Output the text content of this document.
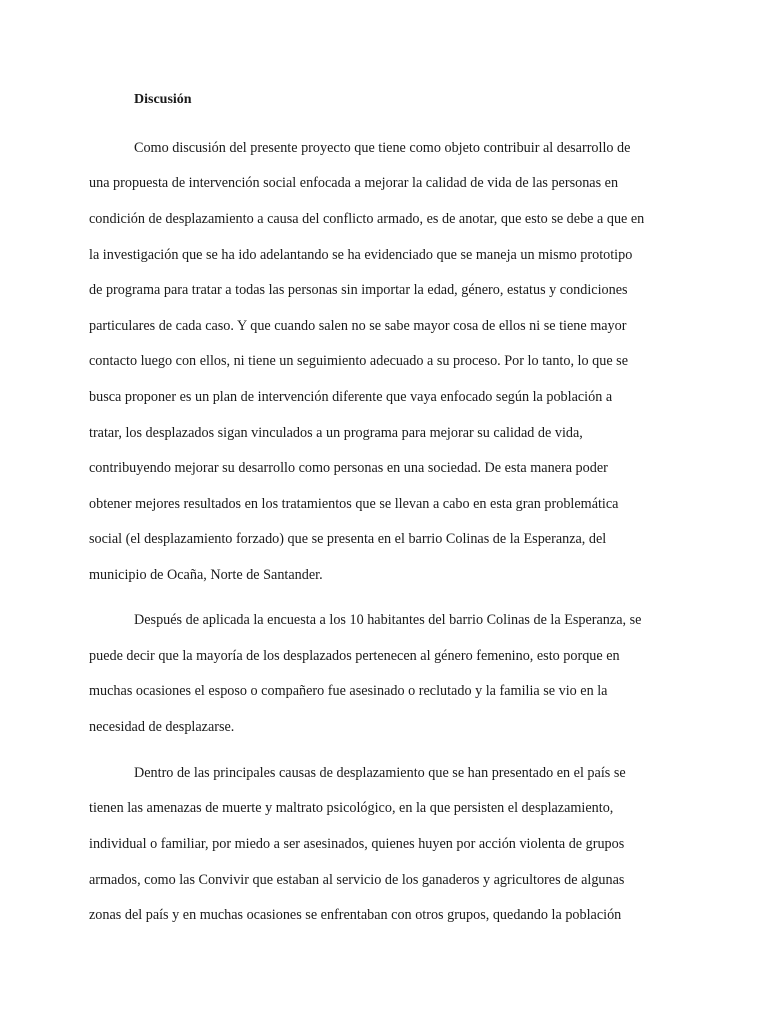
Discusión
Como discusión del presente proyecto que tiene como objeto contribuir al desarrollo de
una propuesta de intervención social enfocada a mejorar la calidad de vida de las personas en
condición de desplazamiento a causa del conflicto armado, es de anotar, que esto se debe a que en
la investigación que se ha ido adelantando se ha evidenciado que se maneja un mismo prototipo
de programa para tratar a todas las personas sin importar la edad, género, estatus y condiciones
particulares de cada caso. Y que cuando salen no se sabe mayor cosa de ellos ni se tiene mayor
contacto luego con ellos, ni tiene un seguimiento adecuado a su proceso. Por lo tanto, lo que se
busca proponer es un plan de intervención diferente que vaya enfocado según la población a
tratar, los desplazados sigan vinculados a un programa para mejorar su calidad de vida,
contribuyendo mejorar su desarrollo como personas en una sociedad. De esta manera poder
obtener mejores resultados en los tratamientos que se llevan a cabo en esta gran problemática
social (el desplazamiento forzado) que se presenta en el barrio Colinas de la Esperanza, del
municipio de Ocaña, Norte de Santander.
Después de aplicada la encuesta a los 10 habitantes del barrio Colinas de la Esperanza, se
puede decir que la mayoría de los desplazados pertenecen al género femenino, esto porque en
muchas ocasiones el esposo o compañero fue asesinado o reclutado y la familia se vio en la
necesidad de desplazarse.
Dentro de las principales causas de desplazamiento que se han presentado en el país se
tienen las amenazas de muerte y maltrato psicológico, en la que persisten el desplazamiento,
individual o familiar, por miedo a ser asesinados, quienes huyen por acción violenta de grupos
armados, como las Convivir que estaban al servicio de los ganaderos y agricultores de algunas
zonas del país y en muchas ocasiones se enfrentaban con otros grupos, quedando la población
